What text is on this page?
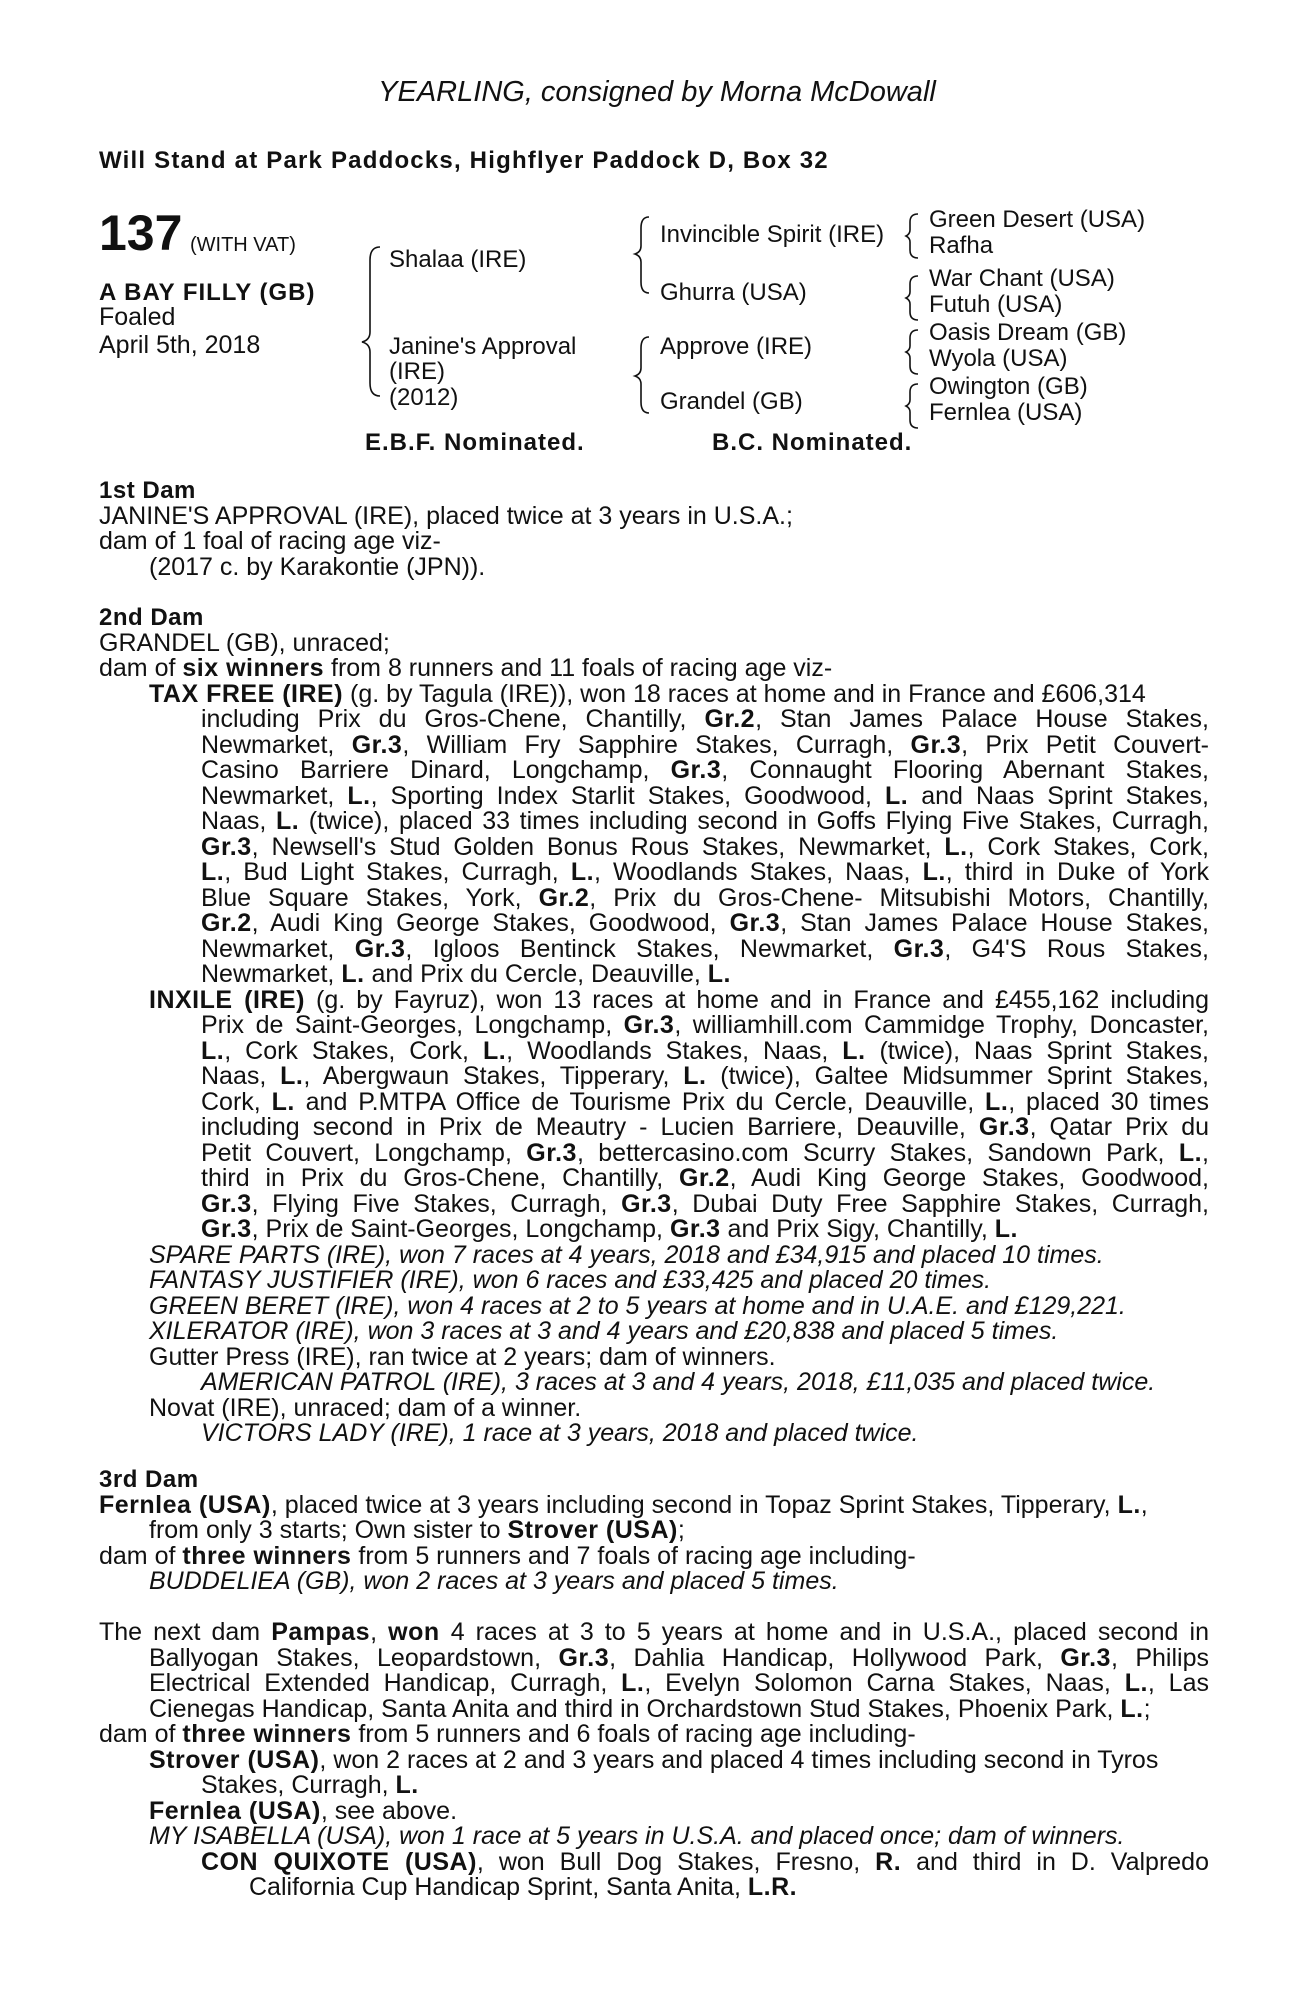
YEARLING, consigned by Morna McDowall
Will Stand at Park Paddocks, Highflyer Paddock D, Box 32
137 (WITH VAT)
A BAY FILLY (GB)
Foaled
April 5th, 2018
Shalaa (IRE)
Janine's Approval
(IRE)
(2012)
Invincible Spirit (IRE)
Ghurra (USA)
Approve (IRE)
Grandel (GB)
Green Desert (USA)
Rafha
War Chant (USA)
Futuh (USA)
Oasis Dream (GB)
Wyola (USA)
Owington (GB)
Fernlea (USA)
E.B.F. Nominated.	B.C. Nominated.
1st Dam
JANINE'S APPROVAL (IRE), placed twice at 3 years in U.S.A.;
dam of 1 foal of racing age viz-
(2017 c. by Karakontie (JPN)).
2nd Dam
GRANDEL (GB), unraced;
dam of six winners from 8 runners and 11 foals of racing age viz-
TAX FREE (IRE) (g. by Tagula (IRE)), won 18 races at home and in France and £606,314
including Prix du Gros-Chene, Chantilly, Gr.2, Stan James Palace House Stakes,
Newmarket, Gr.3, William Fry Sapphire Stakes, Curragh, Gr.3, Prix Petit Couvert-
Casino Barriere Dinard, Longchamp, Gr.3, Connaught Flooring Abernant Stakes,
Newmarket, L., Sporting Index Starlit Stakes, Goodwood, L. and Naas Sprint Stakes,
Naas, L. (twice), placed 33 times including second in Goffs Flying Five Stakes, Curragh,
Gr.3, Newsell's Stud Golden Bonus Rous Stakes, Newmarket, L., Cork Stakes, Cork,
L., Bud Light Stakes, Curragh, L., Woodlands Stakes, Naas, L., third in Duke of York
Blue Square Stakes, York, Gr.2, Prix du Gros-Chene- Mitsubishi Motors, Chantilly,
Gr.2, Audi King George Stakes, Goodwood, Gr.3, Stan James Palace House Stakes,
Newmarket, Gr.3, Igloos Bentinck Stakes, Newmarket, Gr.3, G4'S Rous Stakes,
Newmarket, L. and Prix du Cercle, Deauville, L.
INXILE (IRE) (g. by Fayruz), won 13 races at home and in France and £455,162 including
Prix de Saint-Georges, Longchamp, Gr.3, williamhill.com Cammidge Trophy, Doncaster,
L., Cork Stakes, Cork, L., Woodlands Stakes, Naas, L. (twice), Naas Sprint Stakes,
Naas, L., Abergwaun Stakes, Tipperary, L. (twice), Galtee Midsummer Sprint Stakes,
Cork, L. and P.MTPA Office de Tourisme Prix du Cercle, Deauville, L., placed 30 times
including second in Prix de Meautry - Lucien Barriere, Deauville, Gr.3, Qatar Prix du
Petit Couvert, Longchamp, Gr.3, bettercasino.com Scurry Stakes, Sandown Park, L.,
third in Prix du Gros-Chene, Chantilly, Gr.2, Audi King George Stakes, Goodwood,
Gr.3, Flying Five Stakes, Curragh, Gr.3, Dubai Duty Free Sapphire Stakes, Curragh,
Gr.3, Prix de Saint-Georges, Longchamp, Gr.3 and Prix Sigy, Chantilly, L.
SPARE PARTS (IRE), won 7 races at 4 years, 2018 and £34,915 and placed 10 times.
FANTASY JUSTIFIER (IRE), won 6 races and £33,425 and placed 20 times.
GREEN BERET (IRE), won 4 races at 2 to 5 years at home and in U.A.E. and £129,221.
XILERATOR (IRE), won 3 races at 3 and 4 years and £20,838 and placed 5 times.
Gutter Press (IRE), ran twice at 2 years; dam of winners.
AMERICAN PATROL (IRE), 3 races at 3 and 4 years, 2018, £11,035 and placed twice.
Novat (IRE), unraced; dam of a winner.
VICTORS LADY (IRE), 1 race at 3 years, 2018 and placed twice.
3rd Dam
Fernlea (USA), placed twice at 3 years including second in Topaz Sprint Stakes, Tipperary, L.,
from only 3 starts; Own sister to Strover (USA);
dam of three winners from 5 runners and 7 foals of racing age including-
BUDDELIEA (GB), won 2 races at 3 years and placed 5 times.
The next dam Pampas, won 4 races at 3 to 5 years at home and in U.S.A., placed second in
Ballyogan Stakes, Leopardstown, Gr.3, Dahlia Handicap, Hollywood Park, Gr.3, Philips
Electrical Extended Handicap, Curragh, L., Evelyn Solomon Carna Stakes, Naas, L., Las
Cienegas Handicap, Santa Anita and third in Orchardstown Stud Stakes, Phoenix Park, L.;
dam of three winners from 5 runners and 6 foals of racing age including-
Strover (USA), won 2 races at 2 and 3 years and placed 4 times including second in Tyros
Stakes, Curragh, L.
Fernlea (USA), see above.
MY ISABELLA (USA), won 1 race at 5 years in U.S.A. and placed once; dam of winners.
CON QUIXOTE (USA), won Bull Dog Stakes, Fresno, R. and third in D. Valpredo
California Cup Handicap Sprint, Santa Anita, L.R.
